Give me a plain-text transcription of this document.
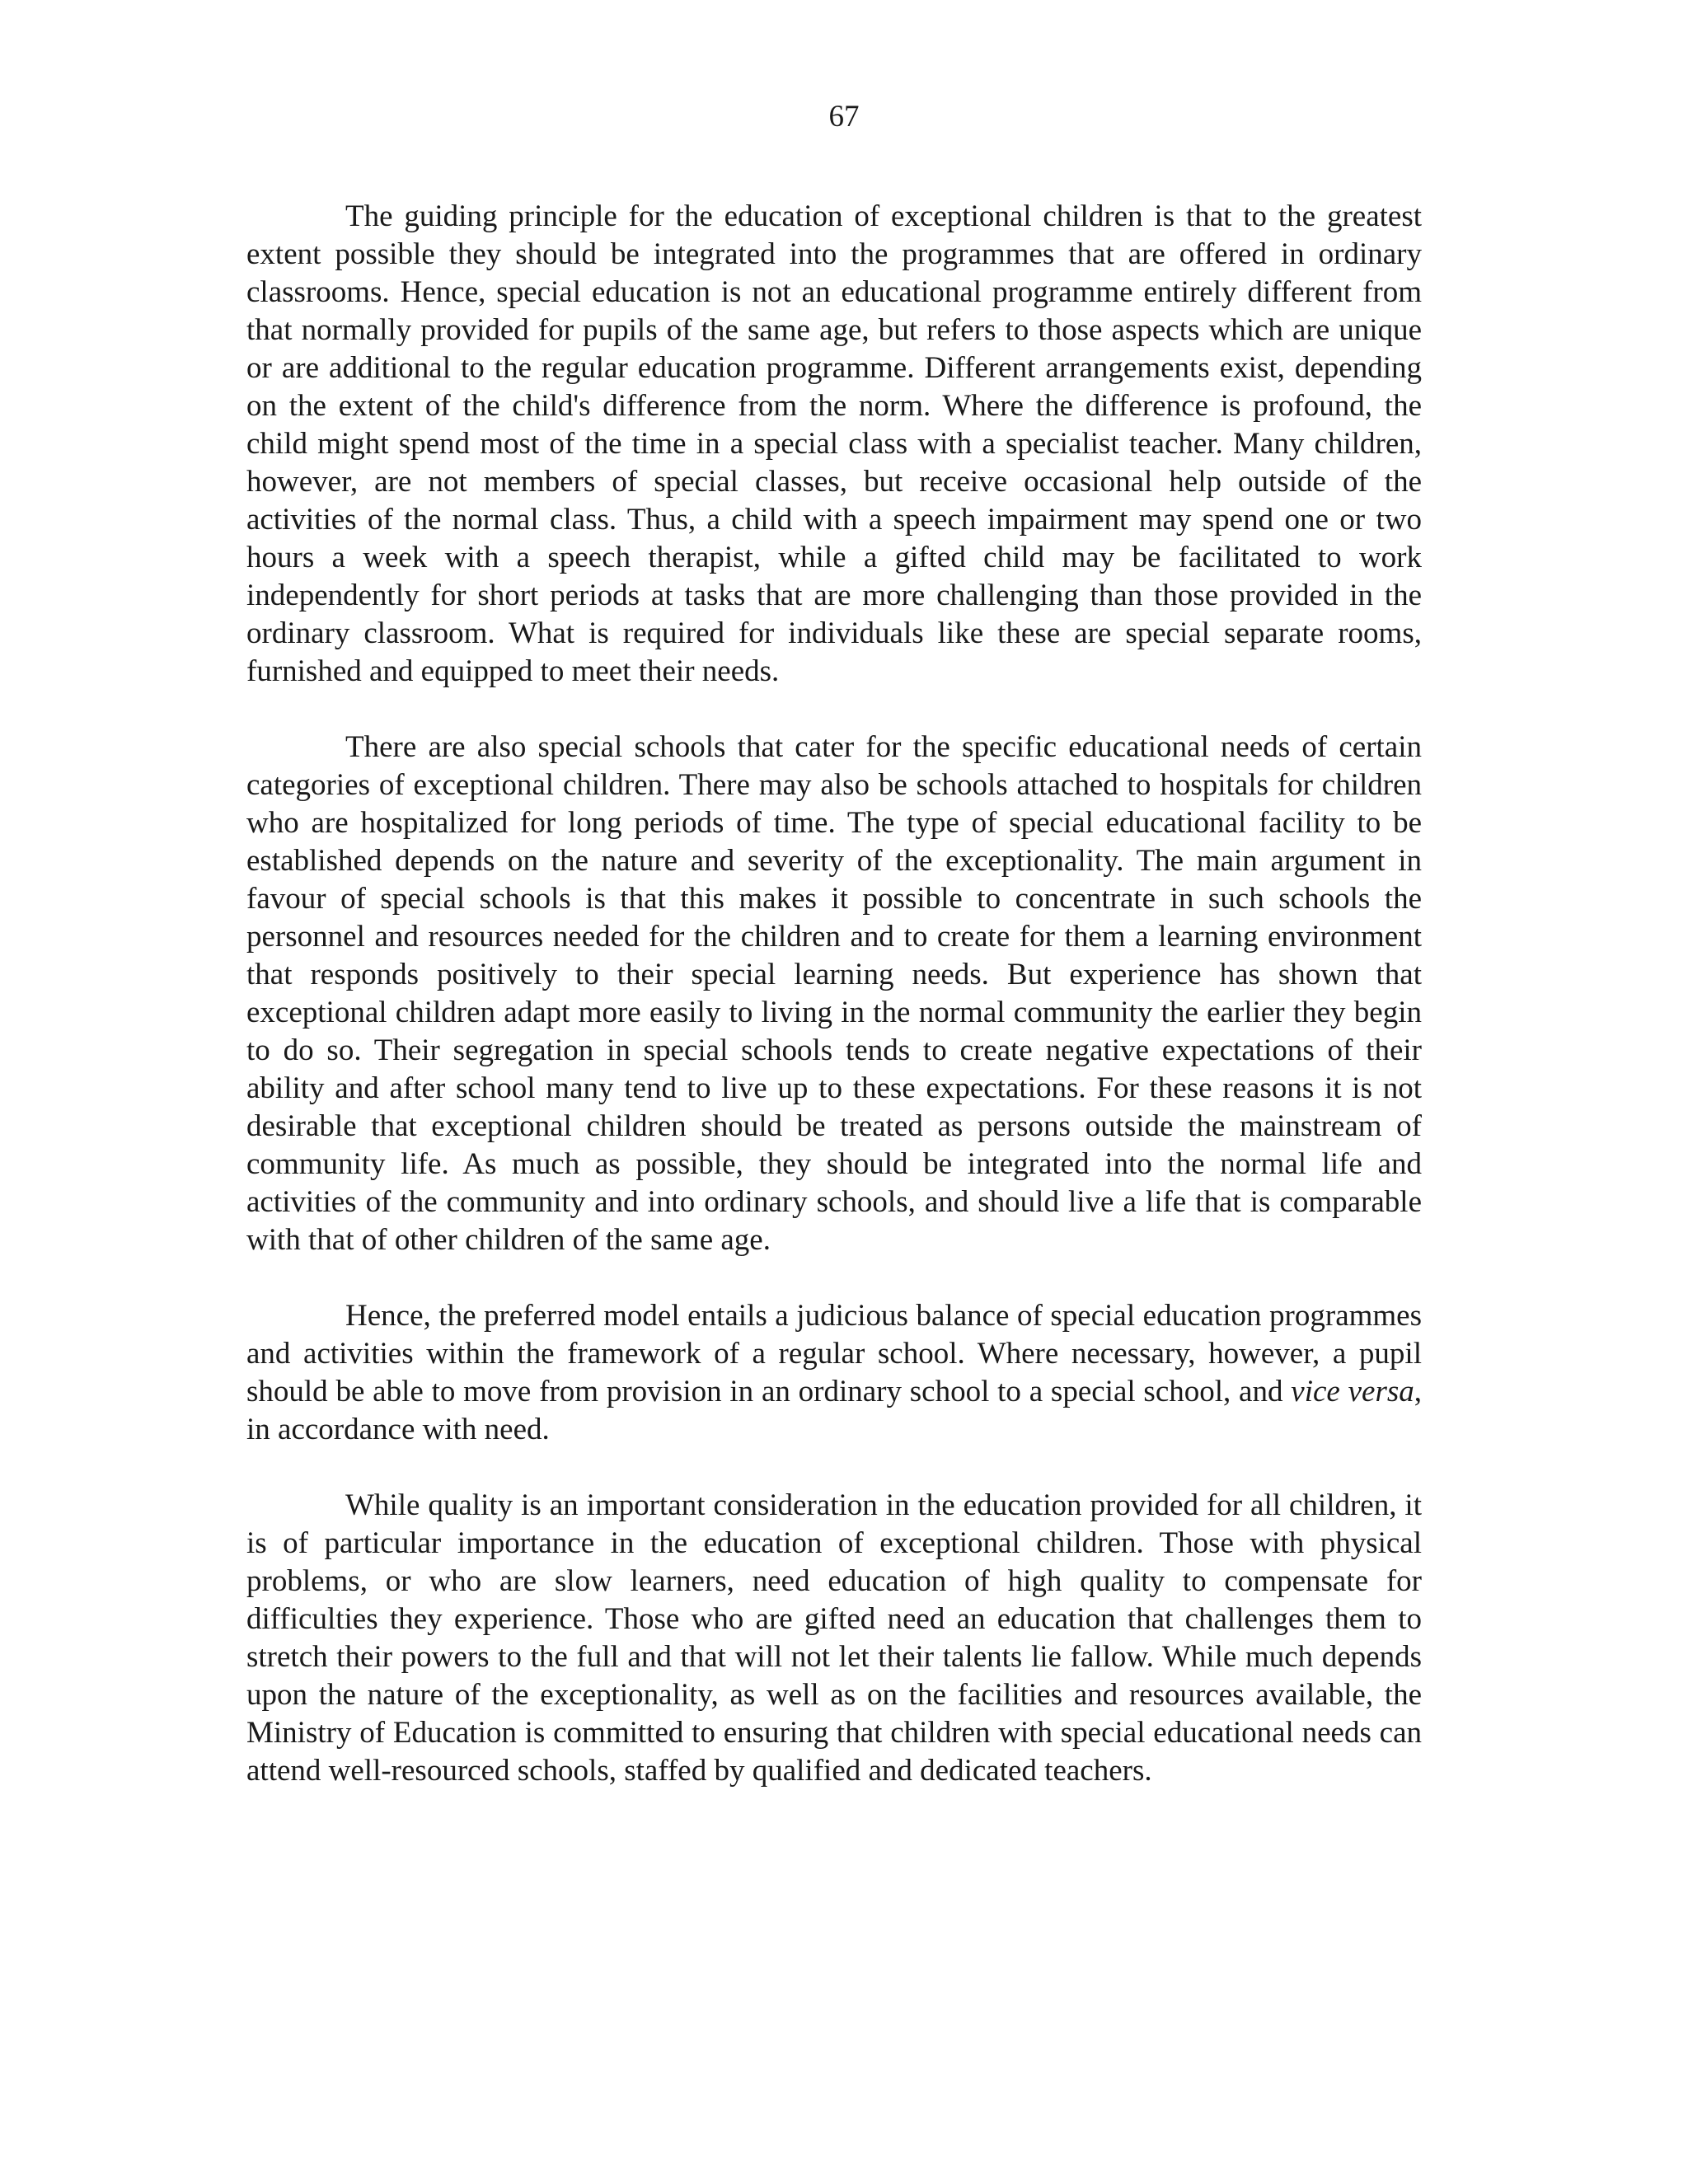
67

The guiding principle for the education of exceptional children is that to the greatest extent possible they should be integrated into the programmes that are offered in ordinary classrooms. Hence, special education is not an educational programme entirely different from that normally provided for pupils of the same age, but refers to those aspects which are unique or are additional to the regular education programme. Different arrangements exist, depending on the extent of the child's difference from the norm. Where the difference is profound, the child might spend most of the time in a special class with a specialist teacher. Many children, however, are not members of special classes, but receive occasional help outside of the activities of the normal class. Thus, a child with a speech impairment may spend one or two hours a week with a speech therapist, while a gifted child may be facilitated to work independently for short periods at tasks that are more challenging than those provided in the ordinary classroom. What is required for individuals like these are special separate rooms, furnished and equipped to meet their needs.

There are also special schools that cater for the specific educational needs of certain categories of exceptional children. There may also be schools attached to hospitals for children who are hospitalized for long periods of time. The type of special educational facility to be established depends on the nature and severity of the exceptionality. The main argument in favour of special schools is that this makes it possible to concentrate in such schools the personnel and resources needed for the children and to create for them a learning environment that responds positively to their special learning needs. But experience has shown that exceptional children adapt more easily to living in the normal community the earlier they begin to do so. Their segregation in special schools tends to create negative expectations of their ability and after school many tend to live up to these expectations. For these reasons it is not desirable that exceptional children should be treated as persons outside the mainstream of community life. As much as possible, they should be integrated into the normal life and activities of the community and into ordinary schools, and should live a life that is comparable with that of other children of the same age.

Hence, the preferred model entails a judicious balance of special education programmes and activities within the framework of a regular school. Where necessary, however, a pupil should be able to move from provision in an ordinary school to a special school, and vice versa, in accordance with need.

While quality is an important consideration in the education provided for all children, it is of particular importance in the education of exceptional children. Those with physical problems, or who are slow learners, need education of high quality to compensate for difficulties they experience. Those who are gifted need an education that challenges them to stretch their powers to the full and that will not let their talents lie fallow. While much depends upon the nature of the exceptionality, as well as on the facilities and resources available, the Ministry of Education is committed to ensuring that children with special educational needs can attend well-resourced schools, staffed by qualified and dedicated teachers.
